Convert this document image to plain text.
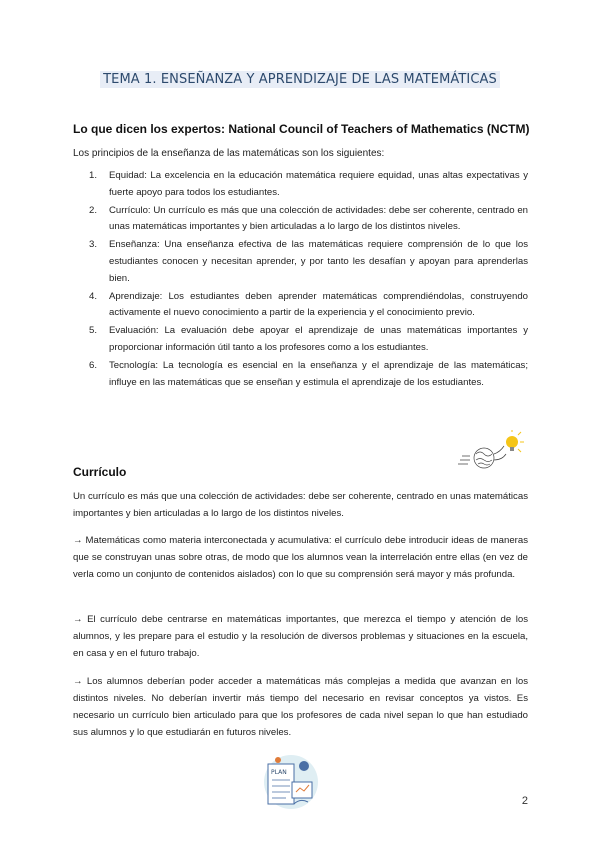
TEMA 1. ENSEÑANZA Y APRENDIZAJE DE LAS MATEMÁTICAS
Lo que dicen los expertos: National Council of Teachers of Mathematics (NCTM)
Los principios de la enseñanza de las matemáticas son los siguientes:
1. Equidad: La excelencia en la educación matemática requiere equidad, unas altas expectativas y fuerte apoyo para todos los estudiantes.
2. Currículo: Un currículo es más que una colección de actividades: debe ser coherente, centrado en unas matemáticas importantes y bien articuladas a lo largo de los distintos niveles.
3. Enseñanza: Una enseñanza efectiva de las matemáticas requiere comprensión de lo que los estudiantes conocen y necesitan aprender, y por tanto les desafían y apoyan para aprenderlas bien.
4. Aprendizaje: Los estudiantes deben aprender matemáticas comprendiéndolas, construyendo activamente el nuevo conocimiento a partir de la experiencia y el conocimiento previo.
5. Evaluación: La evaluación debe apoyar el aprendizaje de unas matemáticas importantes y proporcionar información útil tanto a los profesores como a los estudiantes.
6. Tecnología: La tecnología es esencial en la enseñanza y el aprendizaje de las matemáticas; influye en las matemáticas que se enseñan y estimula el aprendizaje de los estudiantes.
Currículo
Un currículo es más que una colección de actividades: debe ser coherente, centrado en unas matemáticas importantes y bien articuladas a lo largo de los distintos niveles.
→ Matemáticas como materia interconectada y acumulativa: el currículo debe introducir ideas de maneras que se construyan unas sobre otras, de modo que los alumnos vean la interrelación entre ellas (en vez de verla como un conjunto de contenidos aislados) con lo que su comprensión será mayor y más profunda.
→ El currículo debe centrarse en matemáticas importantes, que merezca el tiempo y atención de los alumnos, y les prepare para el estudio y la resolución de diversos problemas y situaciones en la escuela, en casa y en el futuro trabajo.
→ Los alumnos deberían poder acceder a matemáticas más complejas a medida que avanzan en los distintos niveles. No deberían invertir más tiempo del necesario en revisar conceptos ya vistos. Es necesario un currículo bien articulado para que los profesores de cada nivel sepan lo que han estudiado sus alumnos y lo que estudiarán en futuros niveles.
PLAN
2
